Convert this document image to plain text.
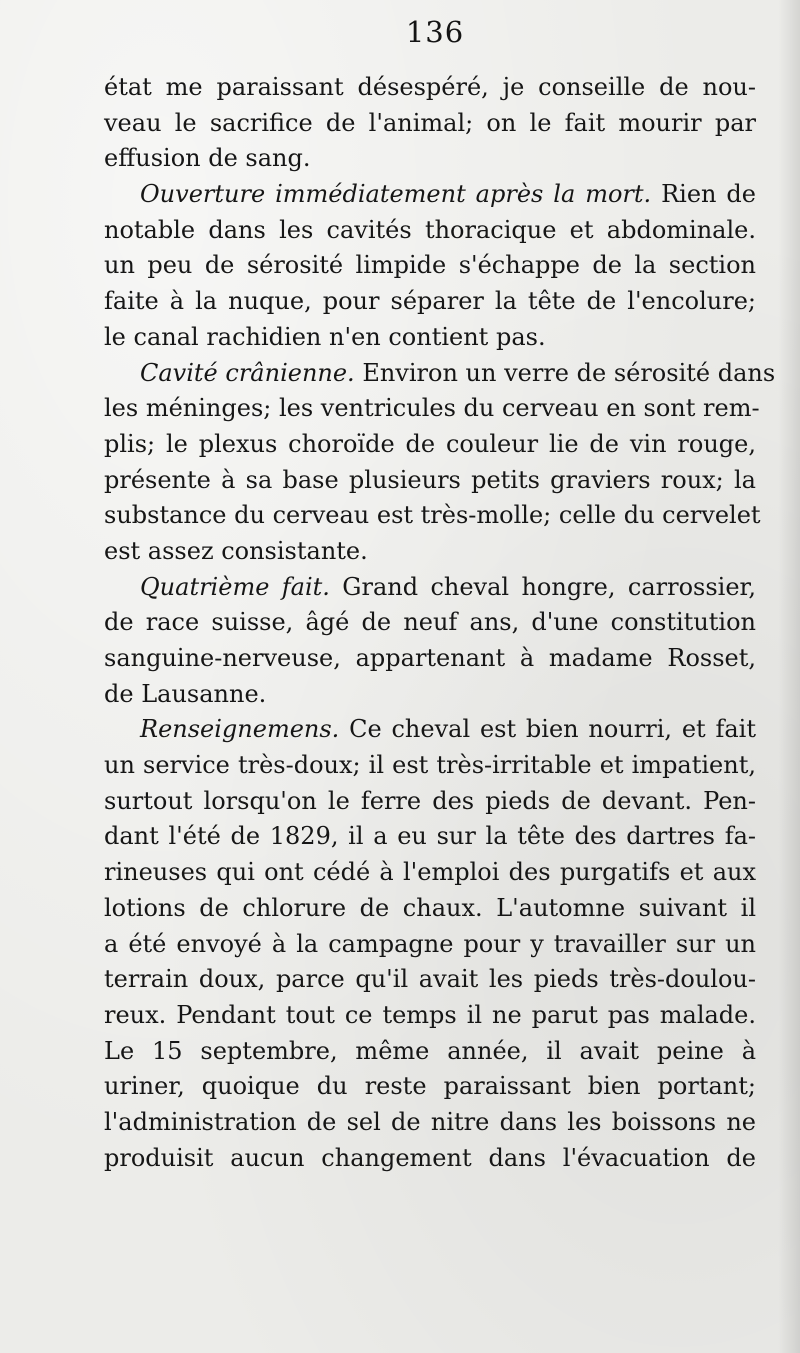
136
état me paraissant désespéré, je conseille de nou-
veau le sacrifice de l'animal; on le fait mourir par
effusion de sang.
Ouverture immédiatement après la mort. Rien de
notable dans les cavités thoracique et abdominale.
un peu de sérosité limpide s'échappe de la section
faite à la nuque, pour séparer la tête de l'encolure;
le canal rachidien n'en contient pas.
Cavité crânienne. Environ un verre de sérosité dans
les méninges; les ventricules du cerveau en sont rem-
plis; le plexus choroïde de couleur lie de vin rouge,
présente à sa base plusieurs petits graviers roux; la
substance du cerveau est très-molle; celle du cervelet
est assez consistante.
Quatrième fait. Grand cheval hongre, carrossier,
de race suisse, âgé de neuf ans, d'une constitution
sanguine-nerveuse, appartenant à madame Rosset,
de Lausanne.
Renseignemens. Ce cheval est bien nourri, et fait
un service très-doux; il est très-irritable et impatient,
surtout lorsqu'on le ferre des pieds de devant. Pen-
dant l'été de 1829, il a eu sur la tête des dartres fa-
rineuses qui ont cédé à l'emploi des purgatifs et aux
lotions de chlorure de chaux. L'automne suivant il
a été envoyé à la campagne pour y travailler sur un
terrain doux, parce qu'il avait les pieds très-doulou-
reux. Pendant tout ce temps il ne parut pas malade.
Le 15 septembre, même année, il avait peine à
uriner, quoique du reste paraissant bien portant;
l'administration de sel de nitre dans les boissons ne
produisit aucun changement dans l'évacuation de
